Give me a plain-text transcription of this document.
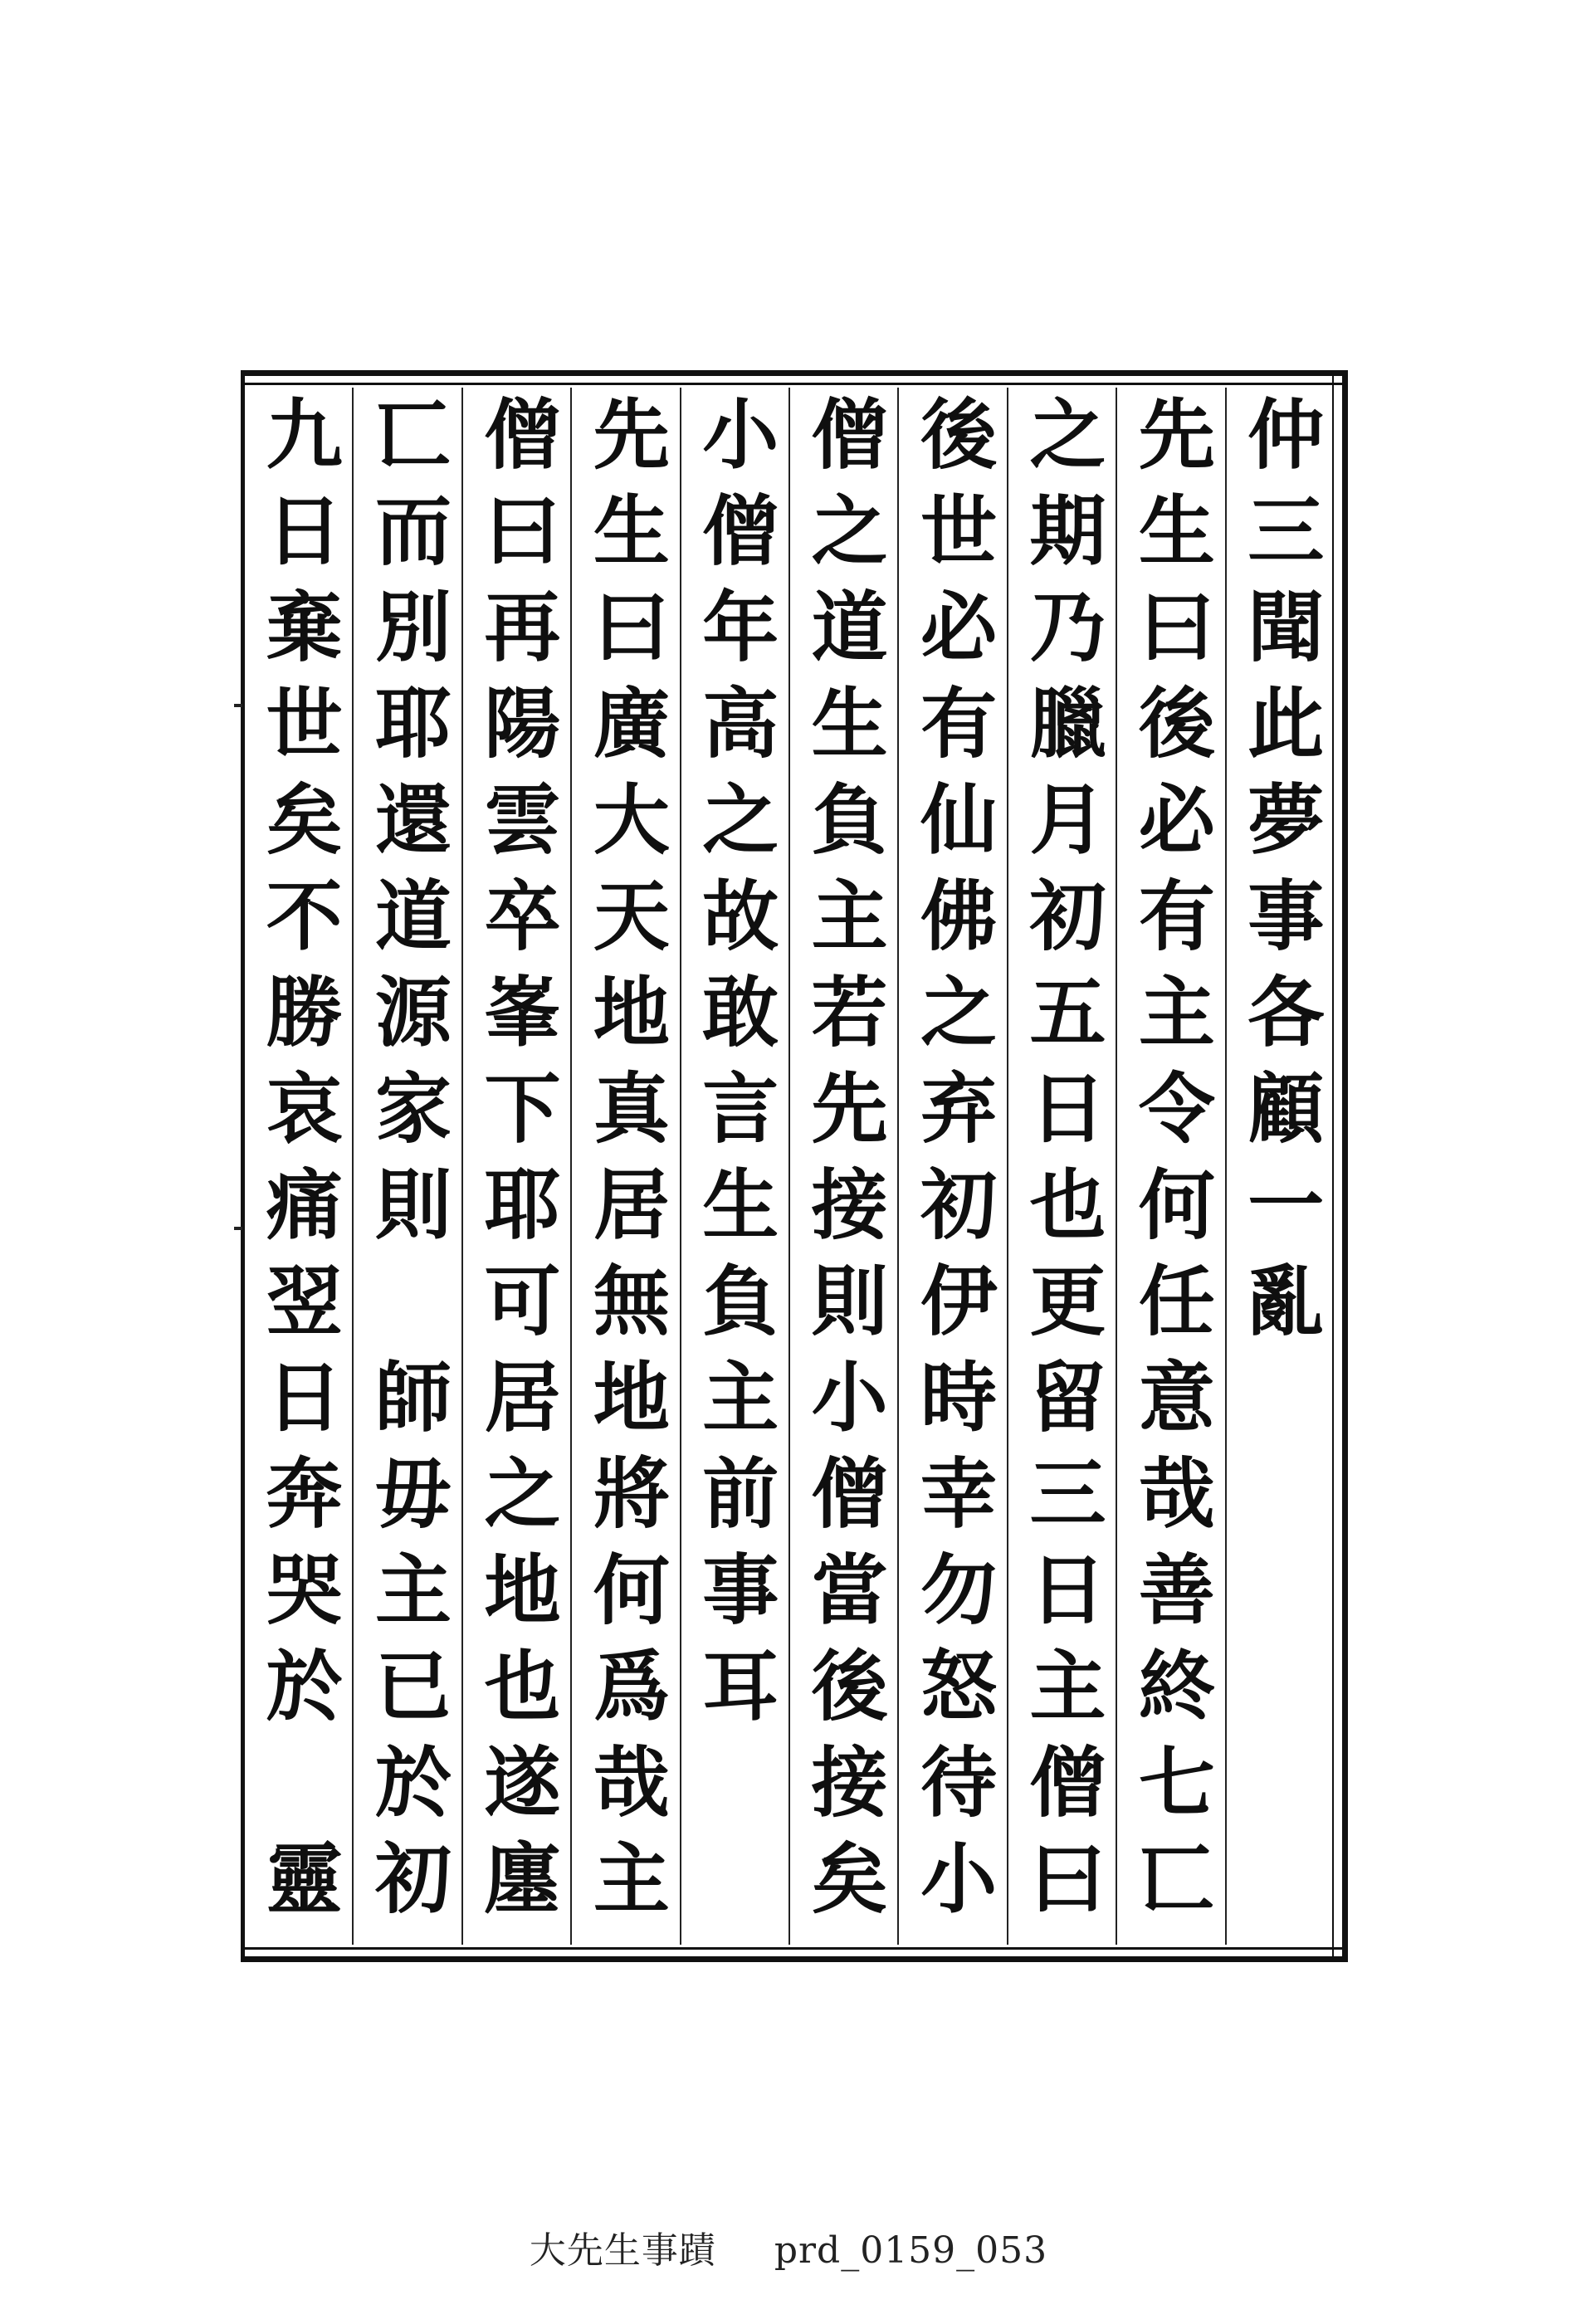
仲三聞此夢事各顧一亂
先生曰後必有主令何任意哉善終七匸
之期乃臘月初五日也更留三日主僧曰
後世必有仙佛之弃初伊時幸勿怒待小
僧之道生負主若先接則小僧當後接矣
小僧年高之故敢言生負主前事耳
先生曰廣大天地真居無地將何爲哉主
僧曰再陽雲卒峯下耶可居之地也遂廛
匸而別耶還道源家則
師毋主已於初
九日棄世矣不勝哀痛翌日奔哭於
靈
大先生事蹟 prd_0159_053
